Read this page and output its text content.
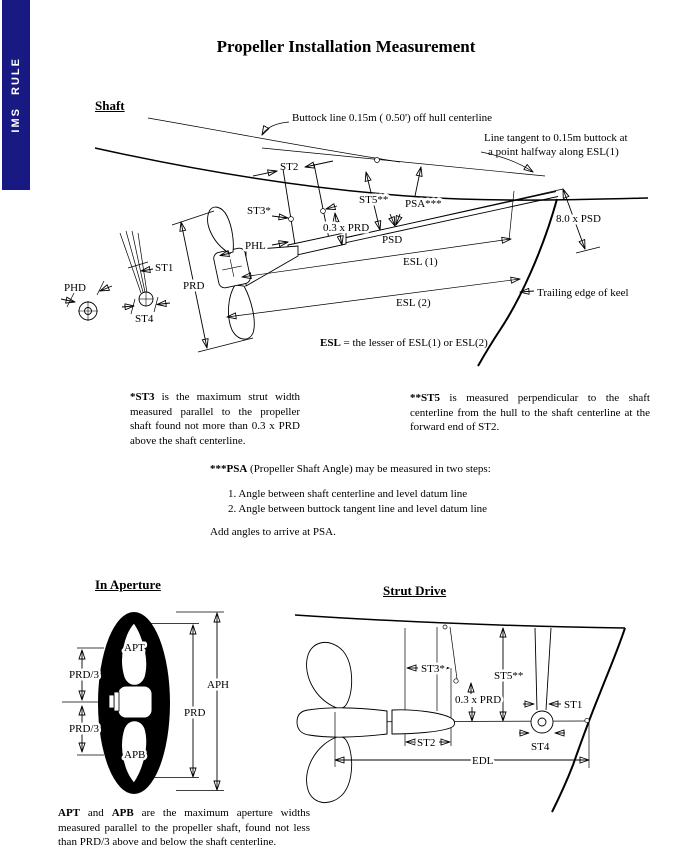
IMS RULE
Propeller Installation Measurement
Shaft
ST1
ST4
PHD
ST2
ST3*
0.3 x PRD
PHL	PSD
ESL (1)
ESL (2)
ESL = the lesser of ESL(1) or ESL(2)
8.0 x PSD
Trailing edge of keel
PSA***
ST5**
PRD
Buttock line 0.15m ( 0.50') off hull centerline
Line tangent to 0.15m buttock at
a point halfway along ESL(1)
*ST3 is the maximum strut width measured parallel to the propeller shaft found not more than 0.3 x PRD above the shaft centerline.
**ST5 is measured perpendicular to the shaft centerline from the hull to the shaft centerline at the forward end of ST2.
***PSA (Propeller Shaft Angle) may be measured in two steps:
1. Angle between shaft centerline and level datum line
2. Angle between buttock tangent line and level datum line
Add angles to arrive at PSA.
In Aperture
APT
APB
PRD/3
PRD/3
PRD
APH
APT and APB are the maximum aperture widths measured parallel to the propeller shaft, found not less than PRD/3 above and below the shaft centerline.
Strut Drive
ST3*
ST5**
0.3 x PRD	ST1
ST4
ST2
EDL
